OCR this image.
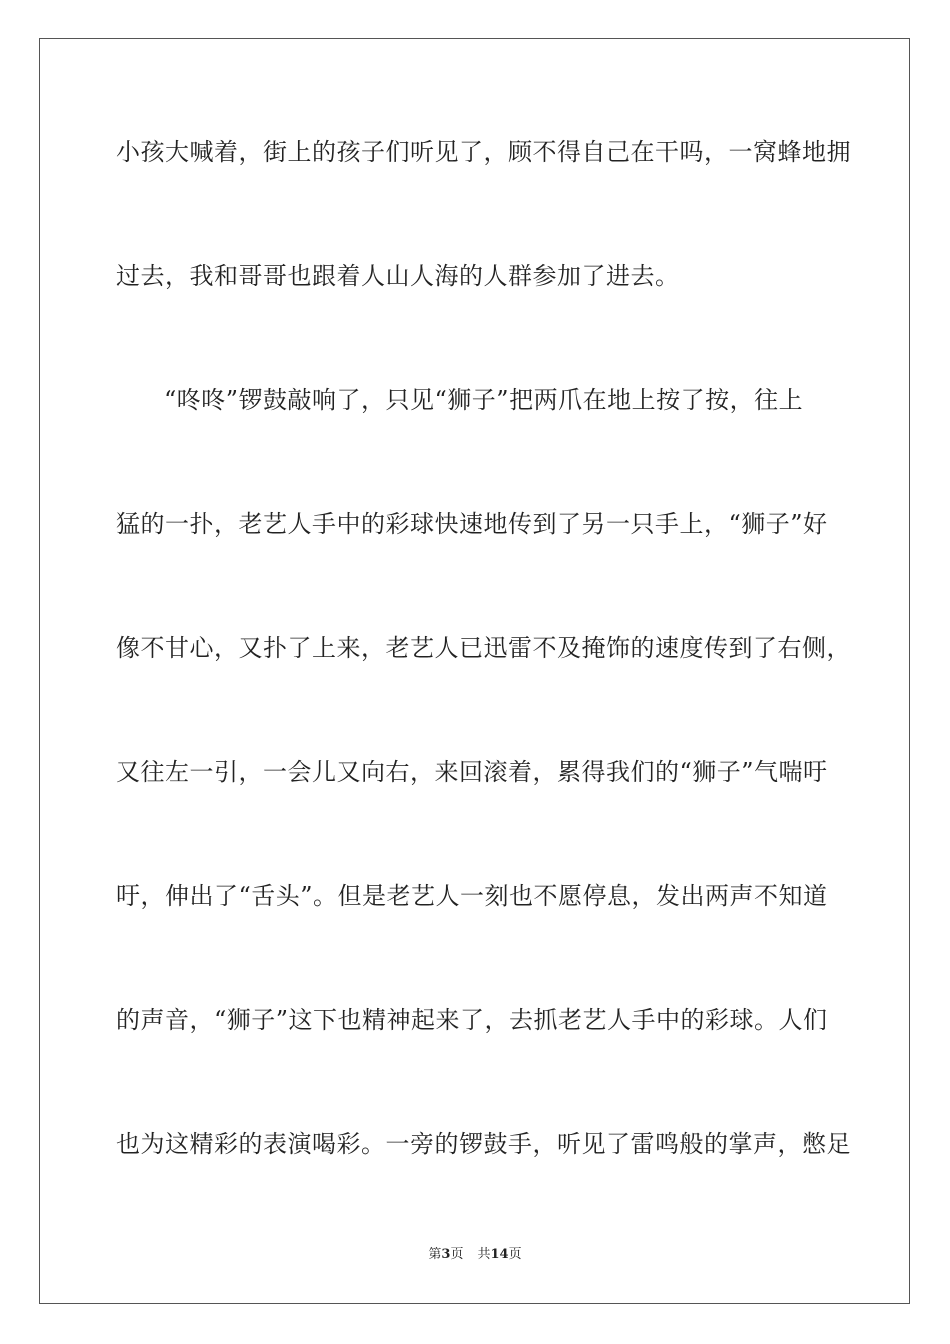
小孩大喊着，街上的孩子们听见了，顾不得自己在干吗，一窝蜂地拥
过去，我和哥哥也跟着人山人海的人群参加了进去。
“咚咚”锣鼓敲响了，只见“狮子”把两爪在地上按了按，往上
猛的一扑，老艺人手中的彩球快速地传到了另一只手上，“狮子”好
像不甘心，又扑了上来，老艺人已迅雷不及掩饰的速度传到了右侧，
又往左一引，一会儿又向右，来回滚着，累得我们的“狮子”气喘吁
吁，伸出了“舌头”。但是老艺人一刻也不愿停息，发出两声不知道
的声音，“狮子”这下也精神起来了，去抓老艺人手中的彩球。人们
也为这精彩的表演喝彩。一旁的锣鼓手，听见了雷鸣般的掌声，憋足
第3页 共14页
